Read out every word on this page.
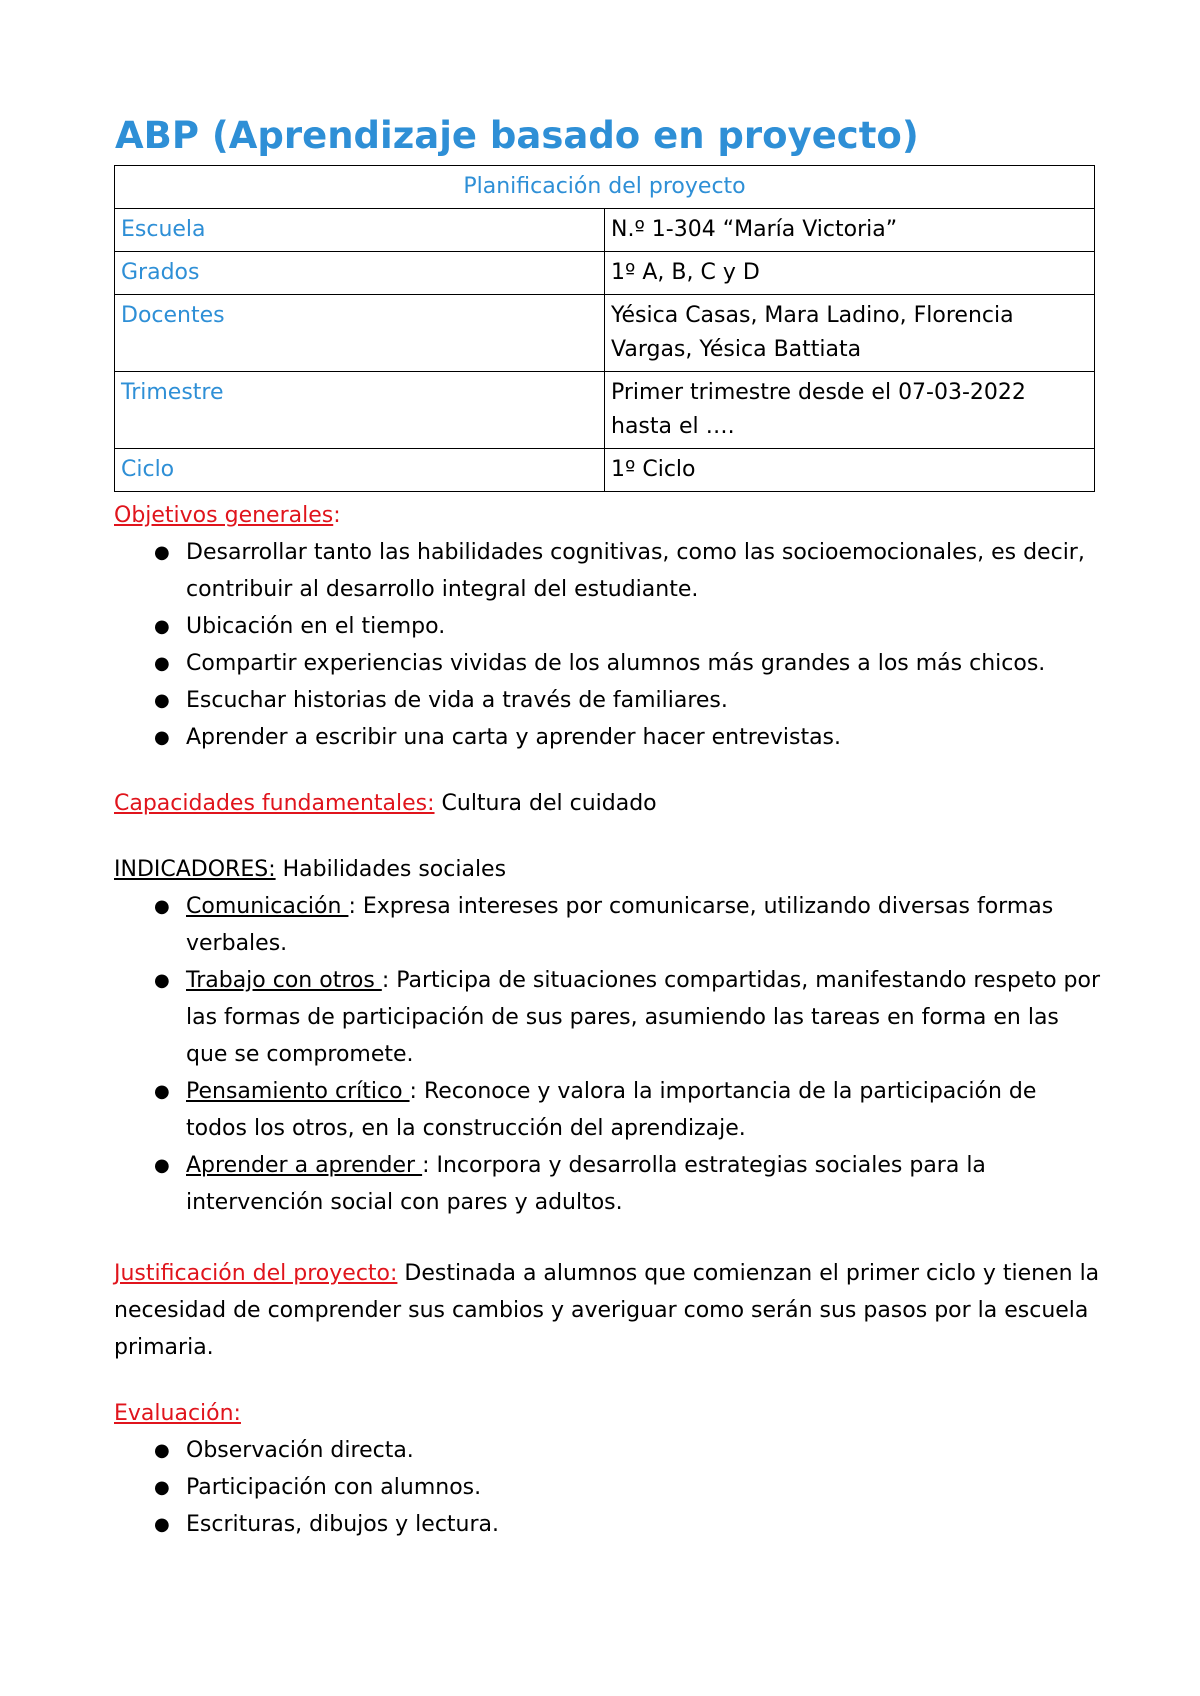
ABP (Aprendizaje basado en proyecto)
Planificación del proyecto	
Escuela	N.º 1-304 “María Victoria”
Grados	1º A, B, C y D
Docentes	Yésica Casas, Mara Ladino, Florencia Vargas, Yésica Battiata
Trimestre	Primer trimestre desde el 07-03-2022 hasta el ….
Ciclo	1º Ciclo
Objetivos generales:
● Desarrollar tanto las habilidades cognitivas, como las socioemocionales, es decir, contribuir al desarrollo integral del estudiante.
● Ubicación en el tiempo.
● Compartir experiencias vividas de los alumnos más grandes a los más chicos.
● Escuchar historias de vida a través de familiares.
● Aprender a escribir una carta y aprender hacer entrevistas.
Capacidades fundamentales: Cultura del cuidado
INDICADORES: Habilidades sociales
● Comunicación : Expresa intereses por comunicarse, utilizando diversas formas verbales.
● Trabajo con otros : Participa de situaciones compartidas, manifestando respeto por las formas de participación de sus pares, asumiendo las tareas en forma en las que se compromete.
● Pensamiento crítico : Reconoce y valora la importancia de la participación de todos los otros, en la construcción del aprendizaje.
● Aprender a aprender : Incorpora y desarrolla estrategias sociales para la intervención social con pares y adultos.
Justificación del proyecto: Destinada a alumnos que comienzan el primer ciclo y tienen la necesidad de comprender sus cambios y averiguar como serán sus pasos por la escuela primaria.
Evaluación:
● Observación directa.
● Participación con alumnos.
● Escrituras, dibujos y lectura.
